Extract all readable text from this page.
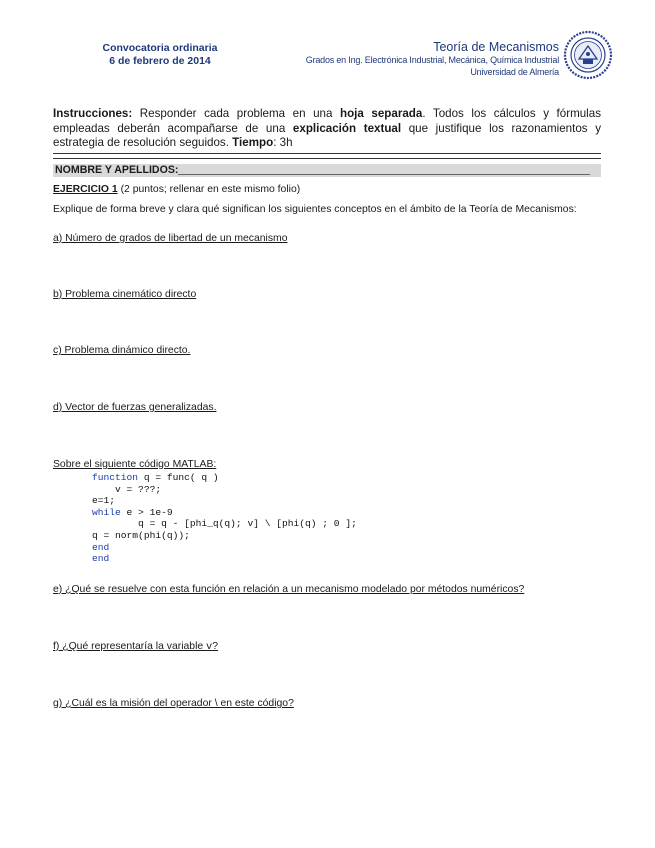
Convocatoria ordinaria
6 de febrero de 2014
Teoría de Mecanismos
Grados en Ing. Electrónica Industrial, Mecánica, Química Industrial
Universidad de Almería
Instrucciones: Responder cada problema en una hoja separada. Todos los cálculos y fórmulas empleadas deberán acompañarse de una explicación textual que justifique los razonamientos y estrategia de resolución seguidos. Tiempo: 3h
NOMBRE Y APELLIDOS:
EJERCICIO 1 (2 puntos; rellenar en este mismo folio)
Explique de forma breve y clara qué significan los siguientes conceptos en el ámbito de la Teoría de Mecanismos:
a) Número de grados de libertad de un mecanismo
b) Problema cinemático directo
c) Problema dinámico directo.
d) Vector de fuerzas generalizadas.
Sobre el siguiente código MATLAB:
function q = func( q )
v = ???;
e=1;
while e > 1e-9
q = q - [phi_q(q); v] \ [phi(q) ; 0 ];
q = norm(phi(q));
end
end
e) ¿Qué se resuelve con esta función en relación a un mecanismo modelado por métodos numéricos?
f) ¿Qué representaría la variable v?
g) ¿Cuál es la misión del operador \ en este código?
